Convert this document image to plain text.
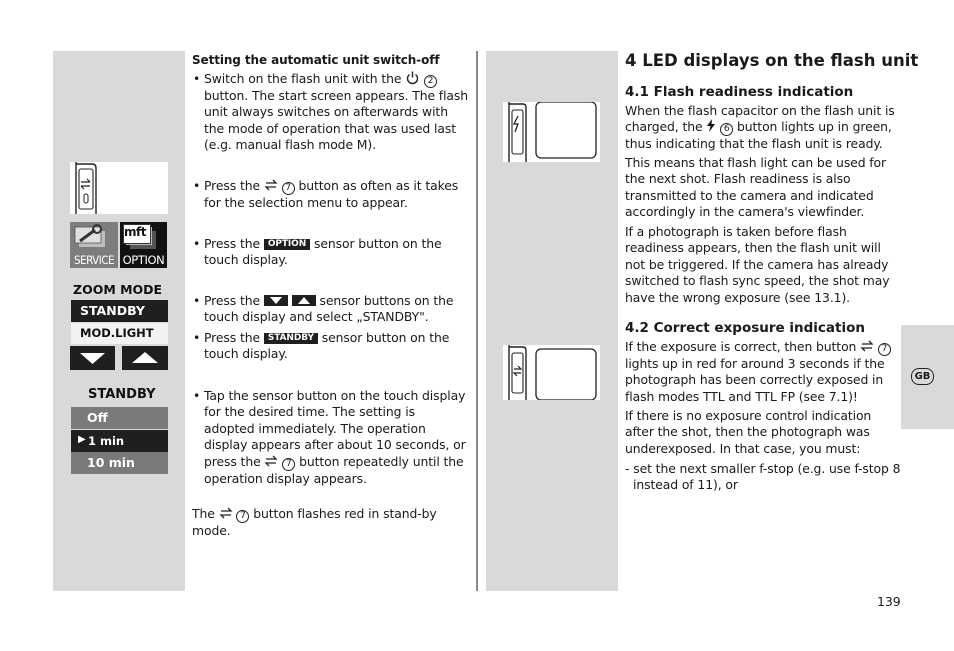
GB
SERVICE
mft
OPTION
ZOOM MODE
STANDBY
MOD.LIGHT
STANDBY
Off
▶ 1 min
10 min
Setting the automatic unit switch-off
• Switch on the flash unit with the	2 button. The start screen appears. The flash unit always switches on afterwards with the mode of operation that was used last (e.g. manual flash mode M).
• Press the	7 button as often as it takes for the selection menu to appear.
• Press the OPTION sensor button on the touch display.
• Press the
	sensor buttons on the touch display and select „STANDBY".
• Press the STANDBY sensor button on the touch display.
• Tap the sensor button on the touch display for the desired time. The setting is adopted immediately. The operation display appears after about 10 seconds, or press the	7 button repeatedly until the operation display appears.
The	7 button flashes red in stand-by mode.
4 LED displays on the flash unit
4.1 Flash readiness indication
When the flash capacitor on the flash unit is charged, the 6 button lights up in green, thus indicating that the flash unit is ready.
This means that flash light can be used for the next shot. Flash readiness is also transmitted to the camera and indicated accordingly in the camera's viewfinder.
If a photograph is taken before flash readiness appears, then the flash unit will not be triggered. If the camera has already switched to flash sync speed, the shot may have the wrong exposure (see 13.1).
4.2 Correct exposure indication
If the exposure is correct, then button	7 lights up in red for around 3 seconds if the photograph has been correctly exposed in flash modes TTL and TTL FP (see 7.1)!
If there is no exposure control indication after the shot, then the photograph was underexposed. In that case, you must:
- set the next smaller f-stop (e.g. use f-stop 8 instead of 11), or
139
